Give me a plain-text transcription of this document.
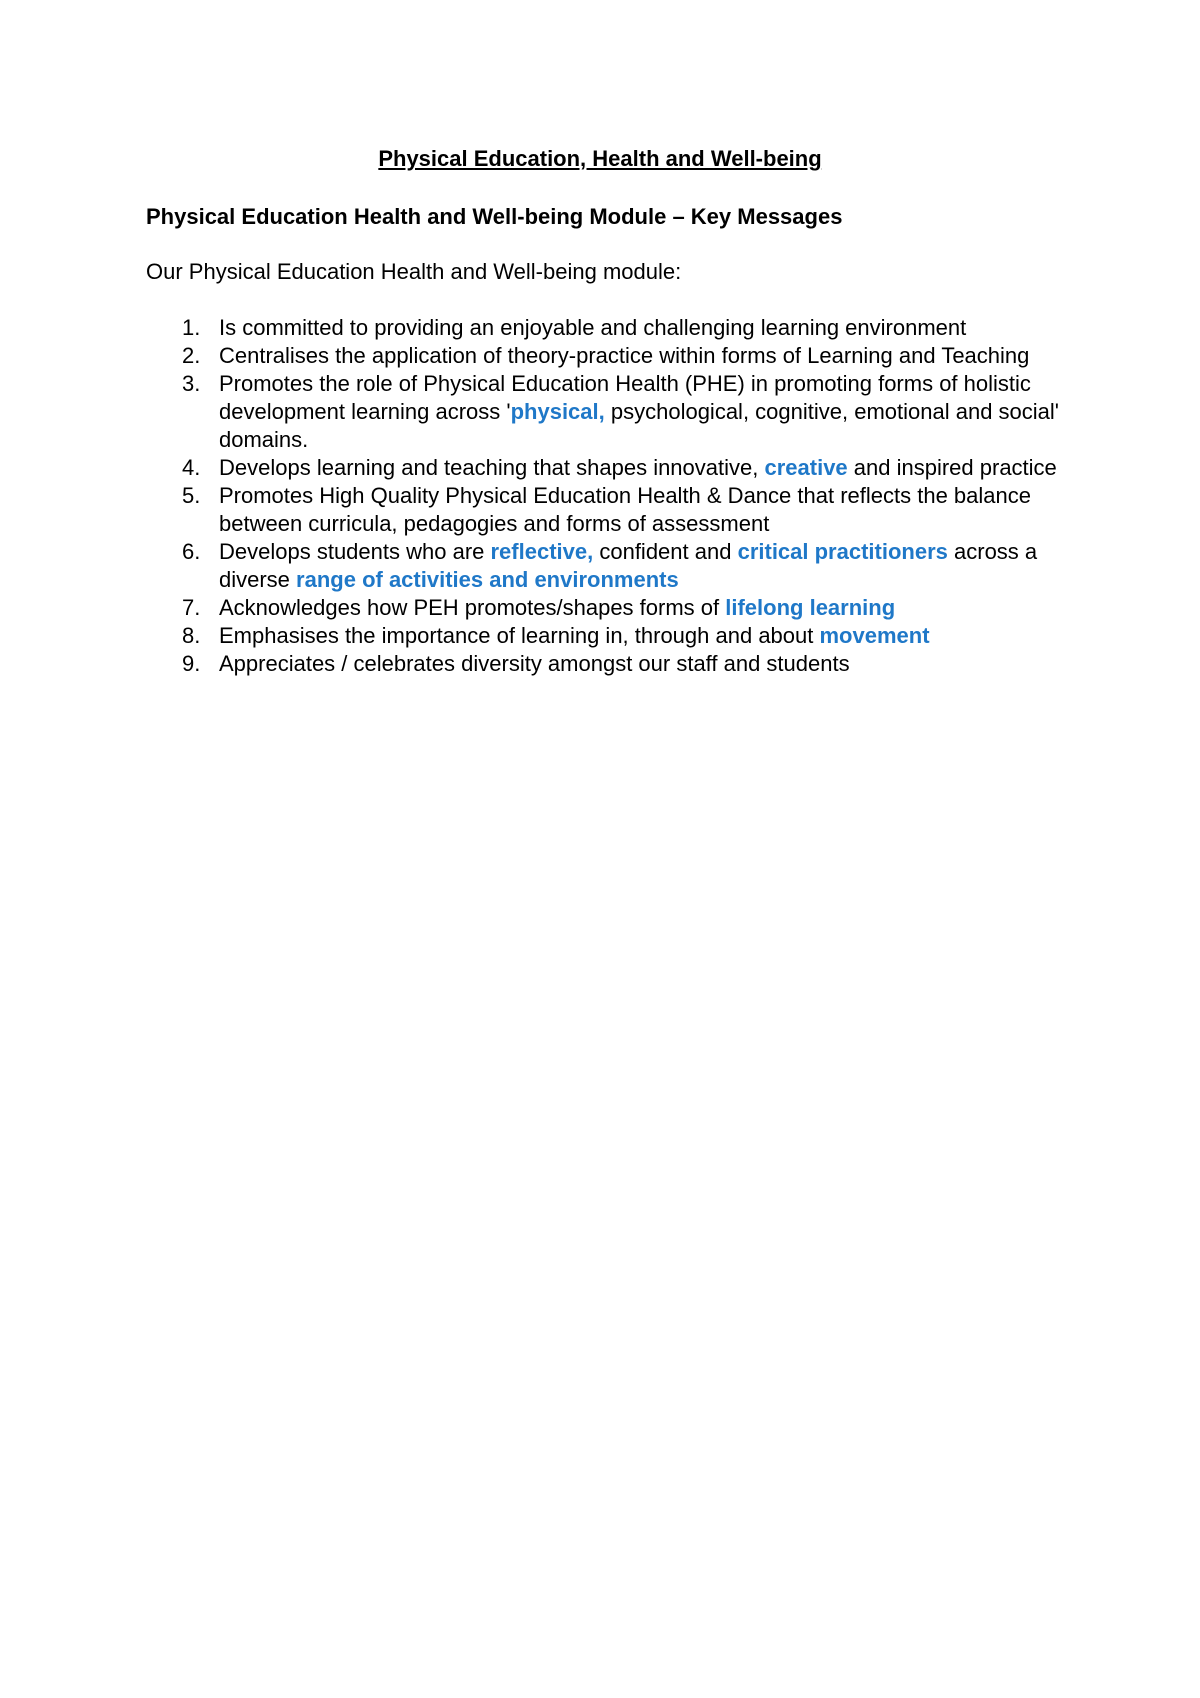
Physical Education, Health and Well-being
Physical Education Health and Well-being Module – Key Messages

Our Physical Education Health and Well-being module:

1. Is committed to providing an enjoyable and challenging learning environment
2. Centralises the application of theory-practice within forms of Learning and Teaching
3. Promotes the role of Physical Education Health (PHE) in promoting forms of holistic development learning across 'physical, psychological, cognitive, emotional and social' domains.
4. Develops learning and teaching that shapes innovative, creative and inspired practice
5. Promotes High Quality Physical Education Health & Dance that reflects the balance between curricula, pedagogies and forms of assessment
6. Develops students who are reflective, confident and critical practitioners across a diverse range of activities and environments
7. Acknowledges how PEH promotes/shapes forms of lifelong learning
8. Emphasises the importance of learning in, through and about movement
9. Appreciates / celebrates diversity amongst our staff and students
